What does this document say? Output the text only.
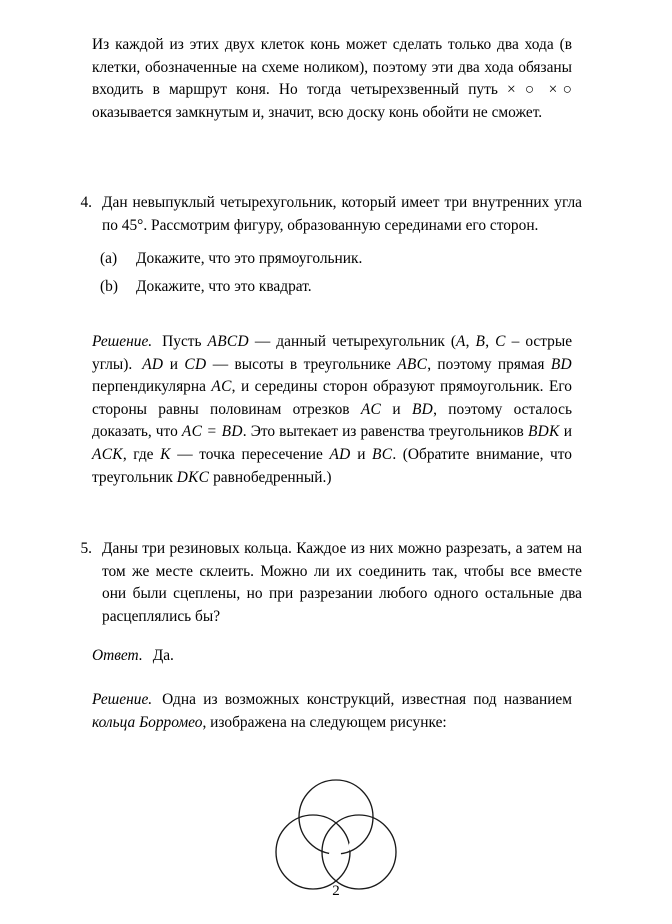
Из каждой из этих двух клеток конь может сделать только два хода (в клетки, обозначенные на схеме ноликом), поэтому эти два хода обязаны входить в маршрут коня. Но тогда четырехзвенный путь × ○ ×○ оказывается замкнутым и, значит, всю доску конь обойти не сможет.
4. Дан невыпуклый четырехугольник, который имеет три внутренних угла по 45°. Рассмотрим фигуру, образованную серединами его сторон.
(a)	Докажите, что это прямоугольник.
(b)	Докажите, что это квадрат.
Решение. Пусть ABCD — данный четырехугольник (A, B, C – острые углы). AD и CD — высоты в треугольнике ABC, поэтому прямая BD перпендикулярна AC, и середины сторон образуют прямоугольник. Его стороны равны половинам отрезков AC и BD, поэтому осталось доказать, что AC = BD. Это вытекает из равенства треугольников BDK и ACK, где K — точка пересечение AD и BC. (Обратите внимание, что треугольник DKC равнобедренный.)
5. Даны три резиновых кольца. Каждое из них можно разрезать, а затем на том же месте склеить. Можно ли их соединить так, чтобы все вместе они были сцеплены, но при разрезании любого одного остальные два расцеплялись бы?
Ответ. Да.
Решение. Одна из возможных конструкций, известная под названием кольца Борромео, изображена на следующем рисунке:
2
